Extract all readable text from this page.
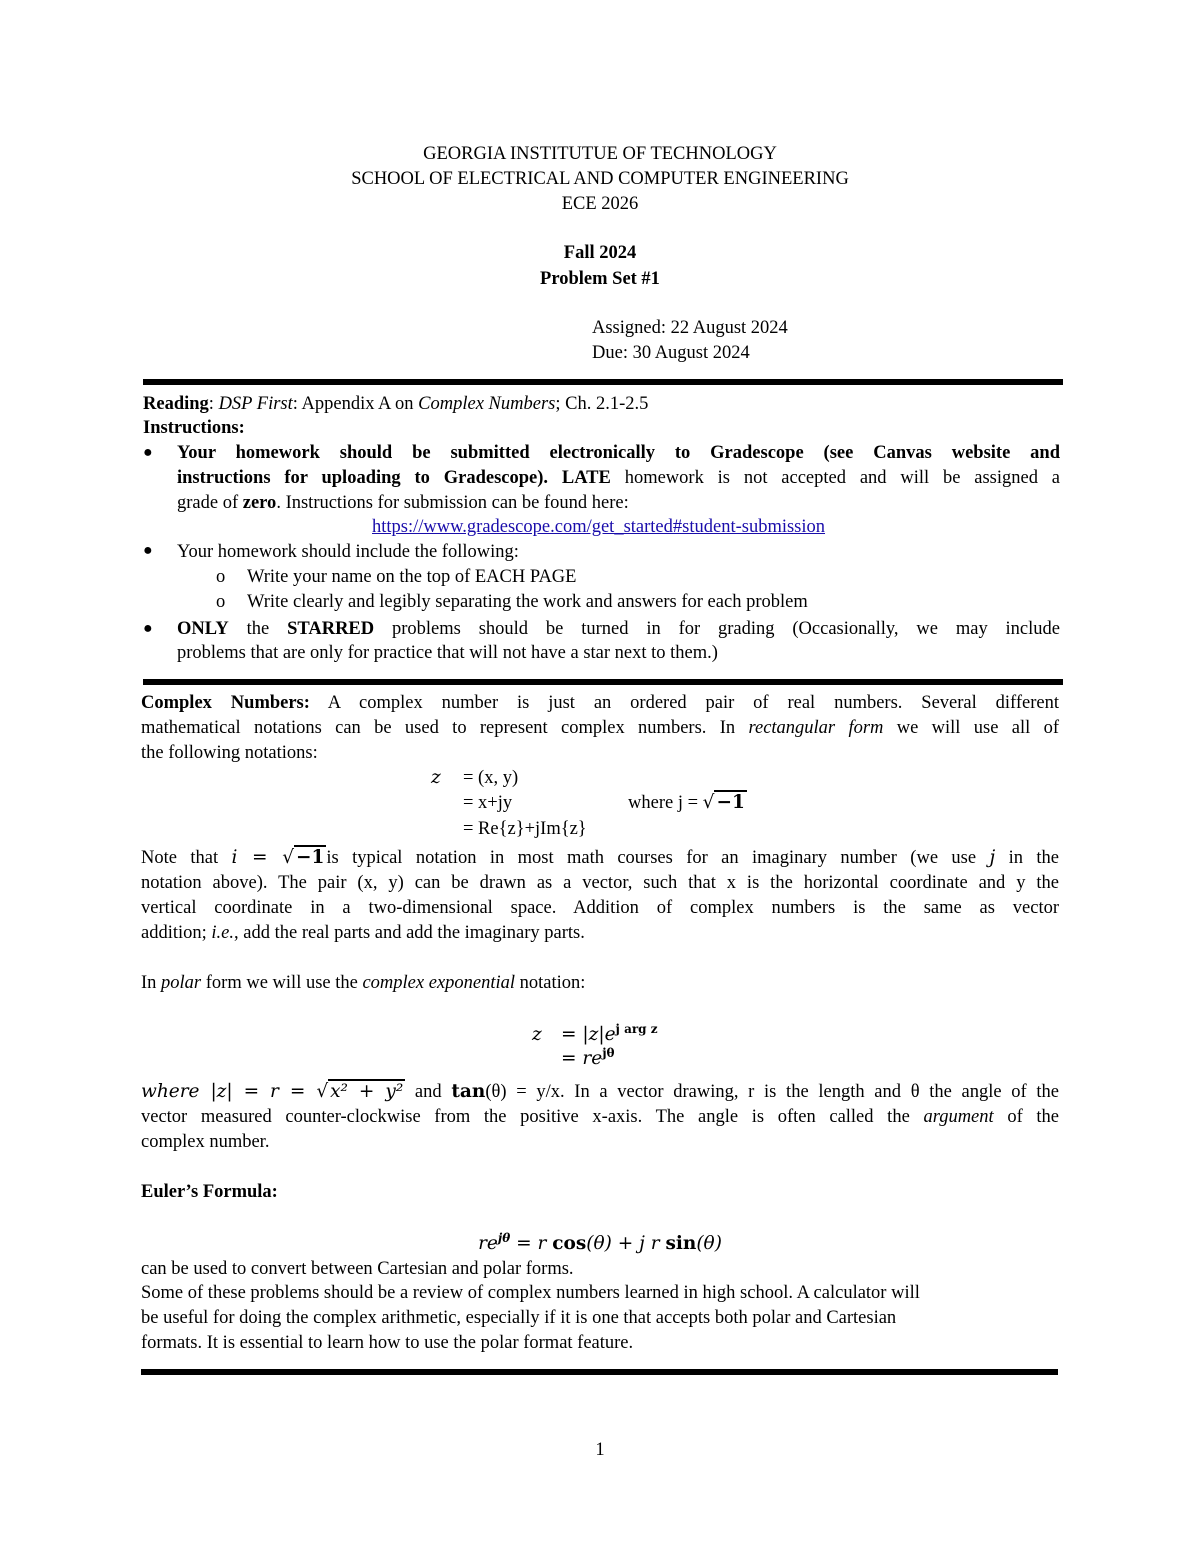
GEORGIA INSTITUTUE OF TECHNOLOGY
SCHOOL OF ELECTRICAL AND COMPUTER ENGINEERING
ECE 2026
Fall 2024
Problem Set #1
Assigned: 22 August 2024
Due: 30 August 2024
Reading: DSP First: Appendix A on Complex Numbers; Ch. 2.1-2.5
Instructions:
● Your homework should be submitted electronically to Gradescope (see Canvas website and
instructions for uploading to Gradescope). LATE homework is not accepted and will be assigned a
grade of zero. Instructions for submission can be found here:
https://www.gradescope.com/get_started#student-submission
● Your homework should include the following:
o Write your name on the top of EACH PAGE
o Write clearly and legibly separating the work and answers for each problem
● ONLY the STARRED problems should be turned in for grading (Occasionally, we may include
problems that are only for practice that will not have a star next to them.)
Complex Numbers: A complex number is just an ordered pair of real numbers. Several different
mathematical notations can be used to represent complex numbers. In rectangular form we will use all of
the following notations:
z = (x, y)
= x+jy	where j = √ −1
= Re{z}+jIm{z}
Note that i = √ −1 is typical notation in most math courses for an imaginary number (we use j in the
notation above). The pair (x, y) can be drawn as a vector, such that x is the horizontal coordinate and y the
vertical coordinate in a two-dimensional space. Addition of complex numbers is the same as vector
addition; i.e., add the real parts and add the imaginary parts.
In polar form we will use the complex exponential notation:
$z = |z|e^{j arg z}$
= $re^{j\theta}$
where |z| = r = √ x² + y² and tan(θ) = y/x. In a vector drawing, r is the length and θ the angle of the
vector measured counter-clockwise from the positive x-axis. The angle is often called the argument of the
complex number.
Euler’s Formula:
$re^{j\theta} = r$ cos(θ) + j r sin(θ)
can be used to convert between Cartesian and polar forms.
Some of these problems should be a review of complex numbers learned in high school. A calculator will
be useful for doing the complex arithmetic, especially if it is one that accepts both polar and Cartesian
formats. It is essential to learn how to use the polar format feature.
1
